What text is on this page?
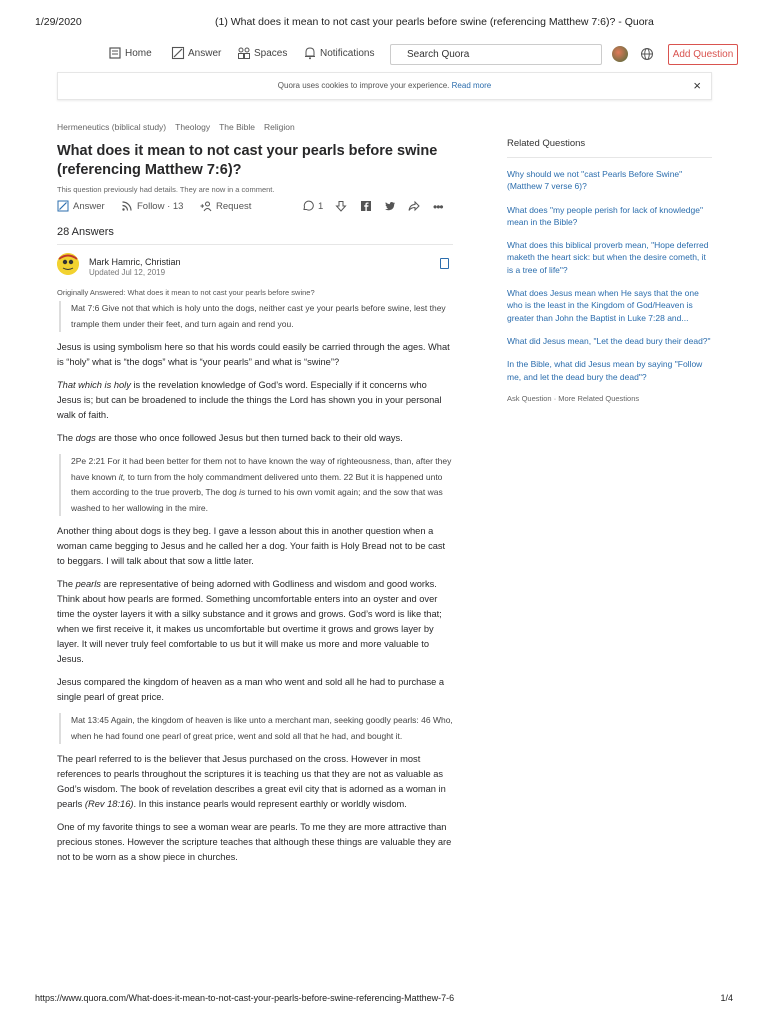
1/29/2020	(1) What does it mean to not cast your pearls before swine (referencing Matthew 7:6)? - Quora
Home	Answer	Spaces	Notifications	Search Quora	Add Question
Quora uses cookies to improve your experience. Read more	×
Hermeneutics (biblical study) Theology The Bible Religion
What does it mean to not cast your pearls before swine (referencing Matthew 7:6)?
This question previously had details. They are now in a comment.
Answer	Follow · 13	Request	1	•••
28 Answers
Mark Hamric, Christian
Updated Jul 12, 2019
Originally Answered: What does it mean to not cast your pearls before swine?
Mat 7:6 Give not that which is holy unto the dogs, neither cast ye your pearls before swine, lest they trample them under their feet, and turn again and rend you.

Jesus is using symbolism here so that his words could easily be carried through the ages. What is “holy” what is “the dogs” what is “your pearls” and what is “swine”?

That which is holy is the revelation knowledge of God’s word. Especially if it concerns who Jesus is; but can be broadened to include the things the Lord has shown you in your personal walk of faith.

The dogs are those who once followed Jesus but then turned back to their old ways.

2Pe 2:21 For it had been better for them not to have known the way of righteousness, than, after they have known it, to turn from the holy commandment delivered unto them. 22 But it is happened unto them according to the true proverb, The dog is turned to his own vomit again; and the sow that was washed to her wallowing in the mire.

Another thing about dogs is they beg. I gave a lesson about this in another question when a woman came begging to Jesus and he called her a dog. Your faith is Holy Bread not to be cast to beggars. I will talk about that sow a little later.

The pearls are representative of being adorned with Godliness and wisdom and good works. Think about how pearls are formed. Something uncomfortable enters into an oyster and over time the oyster layers it with a silky substance and it grows and grows. God’s word is like that; when we first receive it, it makes us uncomfortable but overtime it grows and grows layer by layer. It will never truly feel comfortable to us but it will make us more and more valuable to Jesus.

Jesus compared the kingdom of heaven as a man who went and sold all he had to purchase a single pearl of great price.

Mat 13:45 Again, the kingdom of heaven is like unto a merchant man, seeking goodly pearls: 46 Who, when he had found one pearl of great price, went and sold all that he had, and bought it.

The pearl referred to is the believer that Jesus purchased on the cross. However in most references to pearls throughout the scriptures it is teaching us that they are not as valuable as God’s wisdom. The book of revelation describes a great evil city that is adorned as a woman in pearls (Rev 18:16). In this instance pearls would represent earthly or worldly wisdom.

One of my favorite things to see a woman wear are pearls. To me they are more attractive than precious stones. However the scripture teaches that although these things are valuable they are not to be worn as a show piece in churches.

Related Questions
Why should we not "cast Pearls Before Swine" (Matthew 7 verse 6)?
What does "my people perish for lack of knowledge" mean in the Bible?
What does this biblical proverb mean, "Hope deferred maketh the heart sick: but when the desire cometh, it is a tree of life"?
What does Jesus mean when He says that the one who is the least in the Kingdom of God/Heaven is greater than John the Baptist in Luke 7:28 and...
What did Jesus mean, "Let the dead bury their dead?"
In the Bible, what did Jesus mean by saying "Follow me, and let the dead bury the dead"?
Ask Question · More Related Questions
https://www.quora.com/What-does-it-mean-to-not-cast-your-pearls-before-swine-referencing-Matthew-7-6	1/4
